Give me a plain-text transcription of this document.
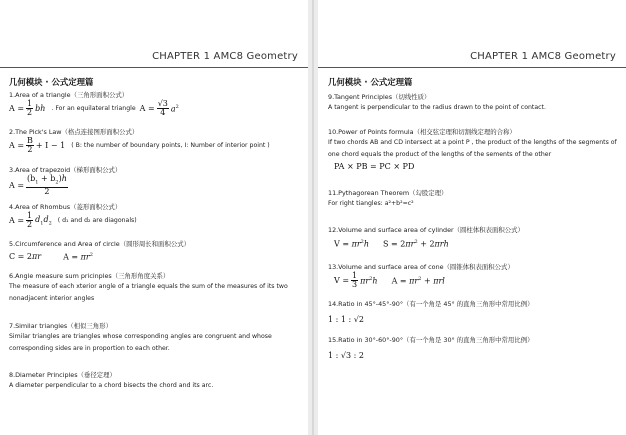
CHAPTER 1 AMC8 Geometry
几何模块 · 公式定理篇
1.Area of a triangle（三角形面积公式）
$A = \frac{1}{2}$ bh . For an equilateral triangle $A = \frac{√3}{4} a^2$
2.The Pick's Law（格点连接图形面积公式）
$A = \frac{B}{2} + I - 1$ ( B: the number of boundary points, I: Number of interior point )
3.Area of trapezoid（梯形面积公式）
$A = \frac{(b_1 + b_2)h}{2}$
4.Area of Rhombus（菱形面积公式）
$A = \frac{1}{2} d_1d_2$ ( d₁ and d₂ are diagonals)
5.Circumference and Area of circle（圆形周长和面积公式）
C = 2πr	$A = \pi r^2$
6.Angle measure sum pricinples（三角形角度关系）
The measure of each xterior angle of a triangle equals the sum of the measures of its two nonadjacent interior angles
7.Similar triangles（相似三角形）
Similar triangles are triangles whose corresponding angles are congruent and whose corresponding sides are in proportion to each other.
8.Diameter Principles（垂径定理）
A diameter perpendicular to a chord bisects the chord and its arc.
CHAPTER 1 AMC8 Geometry
几何模块 · 公式定理篇
9.Tangent Principles（切线性质）
A tangent is perpendicular to the radius drawn to the point of contact.
10.Power of Points formula（相交弦定理和切割线定理的合称）
If two chords AB and CD intersect at a point P , the product of the lengths of the segments of one chord equals the product of the lengths of the sements of the other
PA × PB = PC × PD
11.Pythagorean Theorem（勾股定理）
For right tiangles: a²+b²=c²
12.Volume and surface area of cylinder（圆柱体积表面积公式）
$V = \pi r^2h$ $S = 2\pi r^2 + 2\pi rh$
13.Volume and surface area of cone（圆锥体积表面积公式）
$V = \frac{1}{3} \pi r^2h$ $A = \pi r^2 + \pi rl$
14.Ratio in 45°-45°-90°（有一个角是 45° 的直角三角形中常用比例）
1 : 1 : √2
15.Ratio in 30°-60°-90°（有一个角是 30° 的直角三角形中常用比例）
1 : √3 : 2
